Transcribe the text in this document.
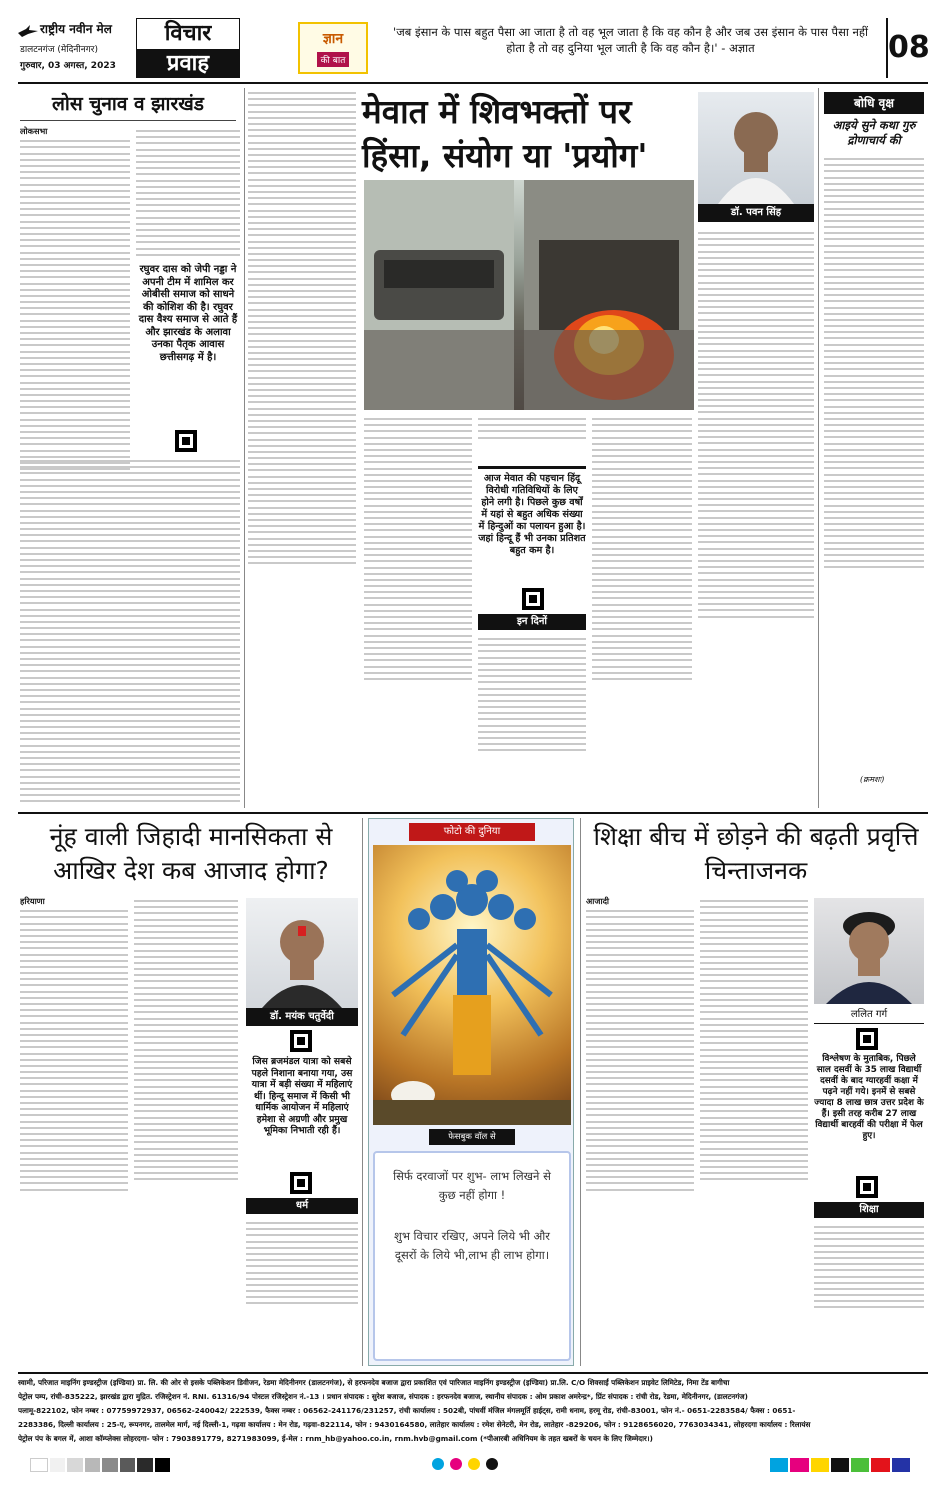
राष्ट्रीय नवीन मेल
डालटनगंज (मेदिनीनगर)
गुरुवार, 03 अगस्त, 2023
विचार
प्रवाह
ज्ञान
की बात
'जब इंसान के पास बहुत पैसा आ जाता है तो वह भूल जाता है कि वह कौन है और जब उस इंसान के पास पैसा नहीं होता है तो वह दुनिया भूल जाती है कि वह कौन है।' - अज्ञात	08
लोस चुनाव व झारखंड
लोकसभा
रघुवर दास को जेपी नड्डा ने अपनी टीम में शामिल कर ओबीसी समाज को साधने की कोशिश की है। रघुवर दास वैश्य समाज से आते हैं और झारखंड के अलावा उनका पैतृक आवास छत्तीसगढ़ में है।
मेवात में शिवभक्तों पर हिंसा, संयोग या 'प्रयोग'
डॉ. पवन सिंह
आज मेवात की पहचान हिंदू विरोधी गतिविधियों के लिए होने लगी है। पिछले कुछ वर्षों में यहां से बहुत अधिक संख्या में हिन्दुओं का पलायन हुआ है। जहां हिन्दू हैं भी उनका प्रतिशत बहुत कम है।
इन दिनों
बोधि वृक्ष
आइये सुने कथा गुरु द्रोणाचार्य की
(क्रमशः)
नूंह वाली जिहादी मानसिकता से आखिर देश कब आजाद होगा?
हरियाणा
डॉ. मयंक चतुर्वेदी
जिस ब्रजमंडल यात्रा को सबसे पहले निशाना बनाया गया, उस यात्रा में बड़ी संख्या में महिलाएं थीं। हिन्दू समाज में किसी भी धार्मिक आयोजन में महिलाएं हमेशा से अग्रणी और प्रमुख भूमिका निभाती रही हैं।
धर्म
फोटो की दुनिया
फेसबुक वॉल से
सिर्फ दरवाजों पर शुभ- लाभ लिखने से
कुछ नहीं होगा !
शुभ विचार रखिए, अपने लिये भी और
दूसरों के लिये भी,लाभ ही लाभ होगा।
शिक्षा बीच में छोड़ने की बढ़ती प्रवृत्ति चिन्ताजनक
आजादी
ललित गर्ग
विश्लेषण के मुताबिक, पिछले साल दसवीं के 35 लाख विद्यार्थी दसवीं के बाद ग्यारहवीं कक्षा में पढ़ने नहीं गये। इनमें से सबसे ज्यादा 8 लाख छात्र उत्तर प्रदेश के हैं। इसी तरह करीब 27 लाख विद्यार्थी बारहवीं की परीक्षा में फेल हुए।
शिक्षा
स्वामी, परिजात माइनिंग इण्डस्ट्रीज (इण्डिया) प्रा. लि. की ओर से इसके पब्लिकेशन डिवीजन, रेडमा मेदिनीनगर (डालटनगंज), से हरफनदेव बजाज द्वारा प्रकाशित एवं पारिजात माइनिंग इण्डस्ट्रीज (इण्डिया) प्रा.लि. C/O शिवसाईं पब्लिकेशन प्राइवेट लिमिटेड, निमा टेंड बागीचा
पेट्रोल पम्प, रांची-835222, झारखंड द्वारा मुद्रित. रजिस्ट्रेशन नं. RNI. 61316/94 पोस्टल रजिस्ट्रेशन नं.-13 । प्रधान संपादक : सुरेश बजाज, संपादक : हरफनदेव बजाज, स्थानीय संपादक : ओम प्रकाश अमरेन्द्र*, प्रिंट संपादक : रांची रोड, रेडमा, मेदिनीनगर, (डालटनगंज)
पलामू-822102, फोन नम्बर : 07759972937, 06562-240042/ 222539, फैक्स नम्बर : 06562-241176/231257, रांची कार्यालय : 502बी, पांचवीं मंजिल मंगलमूर्ति हाईट्स, रामी धनाम, हरमू रोड, रांची-83001, फोन नं.- 0651-2283584/ फैक्स : 0651-
2283386, दिल्ली कार्यालय : 25-ए, रूपनगर, तालमेल मार्ग, नई दिल्ली-1, गढ़वा कार्यालय : मेन रोड, गढ़वा-822114, फोन : 9430164580, लातेहार कार्यालय : रमेश सेनेटरी, मेन रोड, लातेहार -829206, फोन : 9128656020, 7763034341, लोहरदगा कार्यालय : रिलायंस
पेट्रोल पंप के बगल में, आशा कॉम्प्लेक्स लोहरदगा- फोन : 7903891779, 8271983099, ई-मेल : rnm_hb@yahoo.co.in, rnm.hvb@gmail.com (*पीआरबी अधिनियम के तहत खबरों के चयन के लिए जिम्मेदार।)
